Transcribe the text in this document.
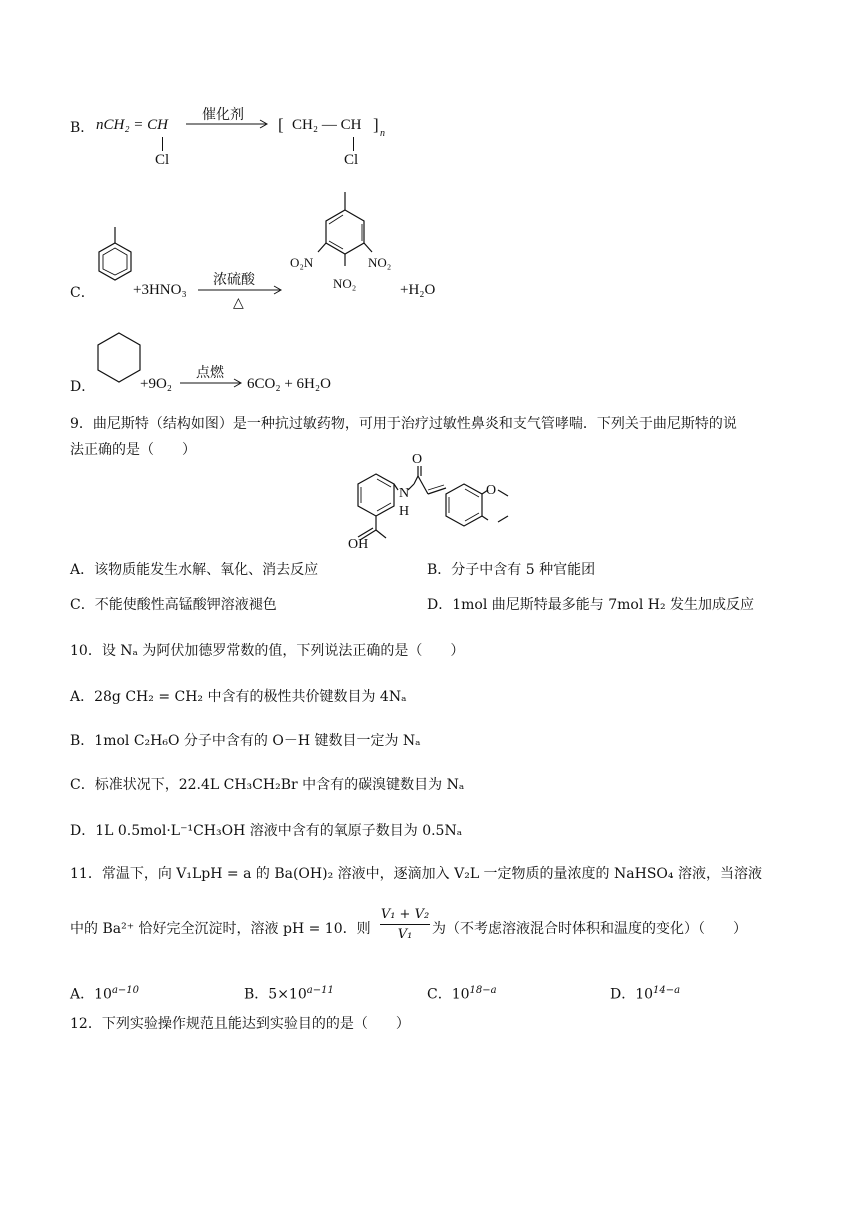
B． nCH₂ = CH
Cl
催化剂 [ CH₂ — CH
Cl
] n
C．	+3HNO₃
浓硫酸
△
O₂N	NO₂
NO₂	+H₂O
D．	+9O₂
点燃
6CO₂ + 6H₂O
9．曲尼斯特（结构如图）是一种抗过敏药物，可用于治疗过敏性鼻炎和支气管哮喘．下列关于曲尼斯特的说
法正确的是（　　）
O
N
H
O
OH
A．该物质能发生水解、氧化、消去反应	B．分子中含有 5 种官能团
C．不能使酸性高锰酸钾溶液褪色	D．1mol 曲尼斯特最多能与 7mol H₂ 发生加成反应
10．设 Nₐ 为阿伏加德罗常数的值，下列说法正确的是（　　）
A．28g CH₂ = CH₂ 中含有的极性共价键数目为 4Nₐ
B．1mol C₂H₆O 分子中含有的 O－H 键数目一定为 Nₐ
C．标准状况下，22.4L CH₃CH₂Br 中含有的碳溴键数目为 Nₐ
D．1L 0.5mol·L⁻¹CH₃OH 溶液中含有的氧原子数目为 0.5Nₐ
11．常温下，向 V₁LpH = a 的 Ba(OH)₂ 溶液中，逐滴加入 V₂L 一定物质的量浓度的 NaHSO₄ 溶液，当溶液
中的 Ba²⁺ 恰好完全沉淀时，溶液 pH = 10．则
V₁ + V₂
V₁	为（不考虑溶液混合时体积和温度的变化）（　　）
A．$10^{a-10}$	B．$5\times 10^{a-11}$	C．$10^{18-a}$	D．$10^{14-a}$
12．下列实验操作规范且能达到实验目的的是（　　）
